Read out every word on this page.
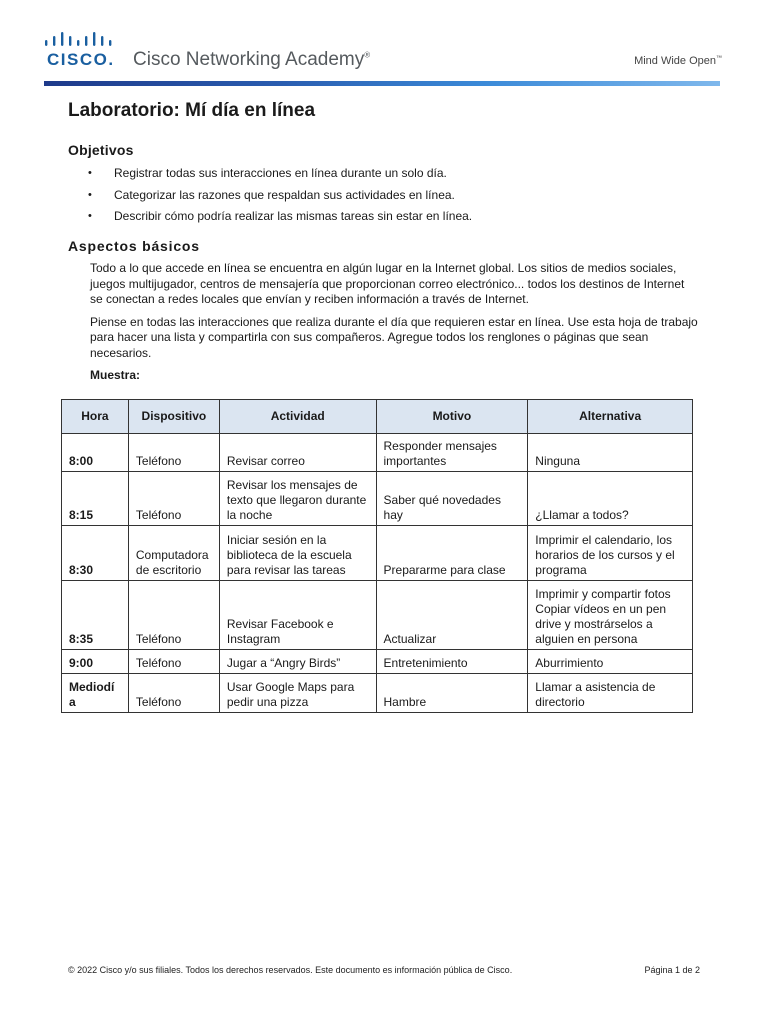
CISCO. Cisco Networking Academy®	Mind Wide Open™
Laboratorio: Mí día en línea
Objetivos
• Registrar todas sus interacciones en línea durante un solo día.
• Categorizar las razones que respaldan sus actividades en línea.
• Describir cómo podría realizar las mismas tareas sin estar en línea.
Aspectos básicos

Todo a lo que accede en línea se encuentra en algún lugar en la Internet global. Los sitios de medios sociales, juegos multijugador, centros de mensajería que proporcionan correo electrónico... todos los destinos de Internet se conectan a redes locales que envían y reciben información a través de Internet.

Piense en todas las interacciones que realiza durante el día que requieren estar en línea. Use esta hoja de trabajo para hacer una lista y compartirla con sus compañeros. Agregue todos los renglones o páginas que sean necesarios.

Muestra:
Hora	Dispositivo	Actividad	Motivo	Alternativa
8:00	Teléfono	Revisar correo	Responder mensajes importantes	Ninguna
8:15	Teléfono	Revisar los mensajes de texto que llegaron durante la noche	Saber qué novedades hay	¿Llamar a todos?
8:30	Computadora de escritorio	Iniciar sesión en la biblioteca de la escuela para revisar las tareas	Prepararme para clase	Imprimir el calendario, los horarios de los cursos y el programa
8:35	Teléfono	Revisar Facebook e Instagram	Actualizar	Imprimir y compartir fotos Copiar vídeos en un pen drive y mostrárselos a alguien en persona
9:00	Teléfono	Jugar a “Angry Birds”	Entretenimiento	Aburrimiento
Mediodía	Teléfono	Usar Google Maps para pedir una pizza	Hambre	Llamar a asistencia de directorio
© 2022 Cisco y/o sus filiales. Todos los derechos reservados. Este documento es información pública de Cisco.	Página 1 de 2
